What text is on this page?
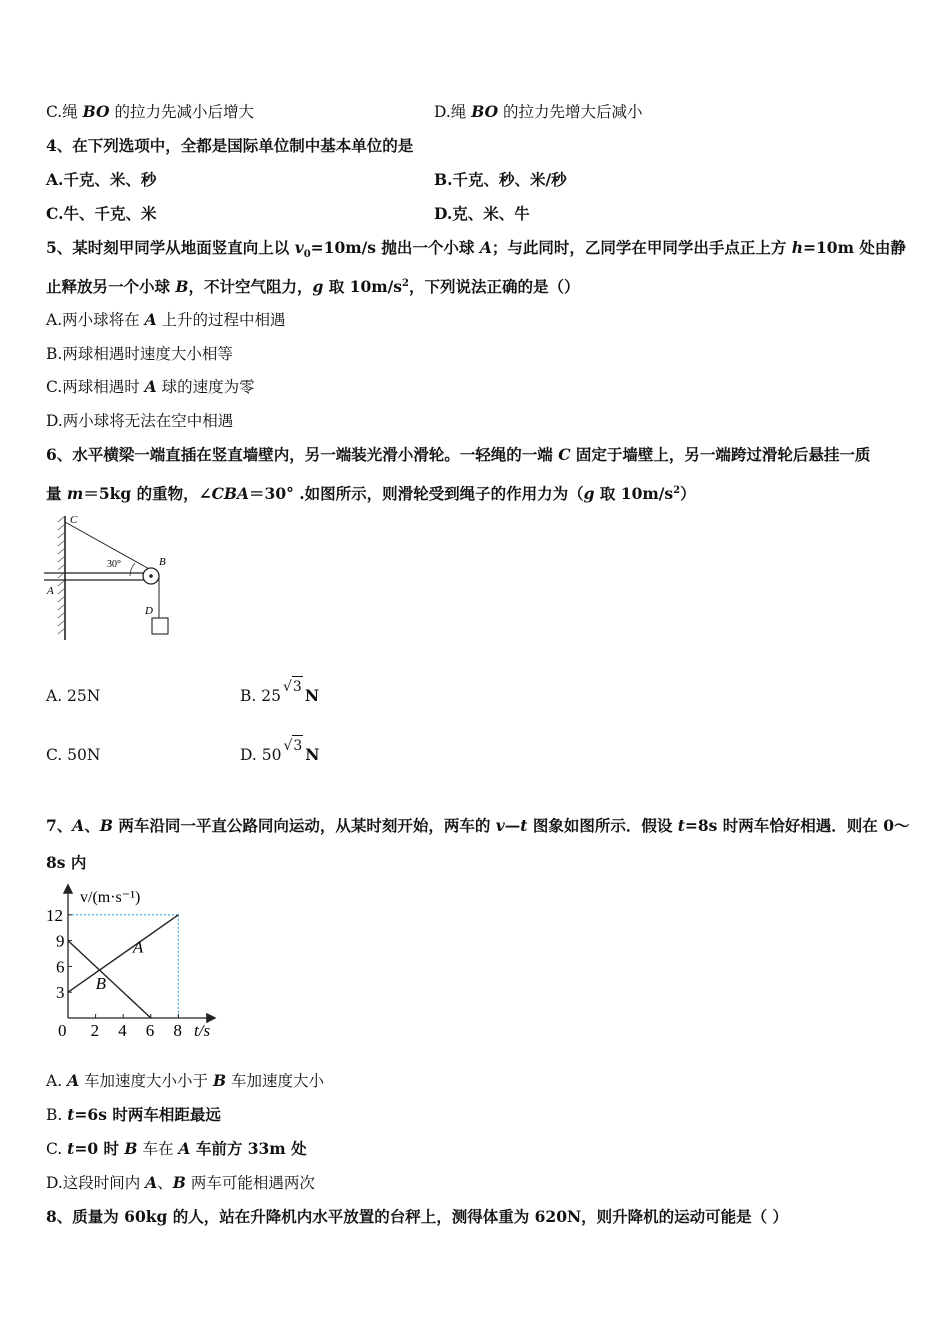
C.绳 BO 的拉力先减小后增大	D.绳 BO 的拉力先增大后减小
4、在下列选项中，全都是国际单位制中基本单位的是
A.千克、米、秒	B.千克、秒、米/秒
C.牛、千克、米	D.克、米、牛
5、某时刻甲同学从地面竖直向上以 $v_0=10m/s$ 抛出一个小球 A；与此同时，乙同学在甲同学出手点正上方 h=10m 处由静
止释放另一个小球 B，不计空气阻力，g 取 $10m/s^2$，下列说法正确的是（）
A.两小球将在 A 上升的过程中相遇
B.两球相遇时速度大小相等
C.两球相遇时 A 球的速度为零
D.两小球将无法在空中相遇
6、水平横梁一端直插在竖直墙壁内，另一端装光滑小滑轮。一轻绳的一端 C 固定于墙壁上，另一端跨过滑轮后悬挂一质
量 m＝5kg 的重物，∠CBA＝30° .如图所示，则滑轮受到绳子的作用力为（g 取 $10m/s^2$）
C
30°	B
A
D
A. 25N	B. 25 √3 N
C. 50N	D. 50 √3 N
7、A、B 两车沿同一平直公路同向运动，从某时刻开始，两车的 v—t 图象如图所示．假设 t=8s 时两车恰好相遇．则在 0～
8s 内
v/(m·s⁻¹)
t/s
A
B
0 2 4 6 8
3
6
9
12
A. A 车加速度大小小于 B 车加速度大小
B. t=6s 时两车相距最远
C. t=0 时 B 车在 A 车前方 33m 处
D.这段时间内 A、B 两车可能相遇两次
8、质量为 60kg 的人，站在升降机内水平放置的台秤上，测得体重为 620N，则升降机的运动可能是（ ）
